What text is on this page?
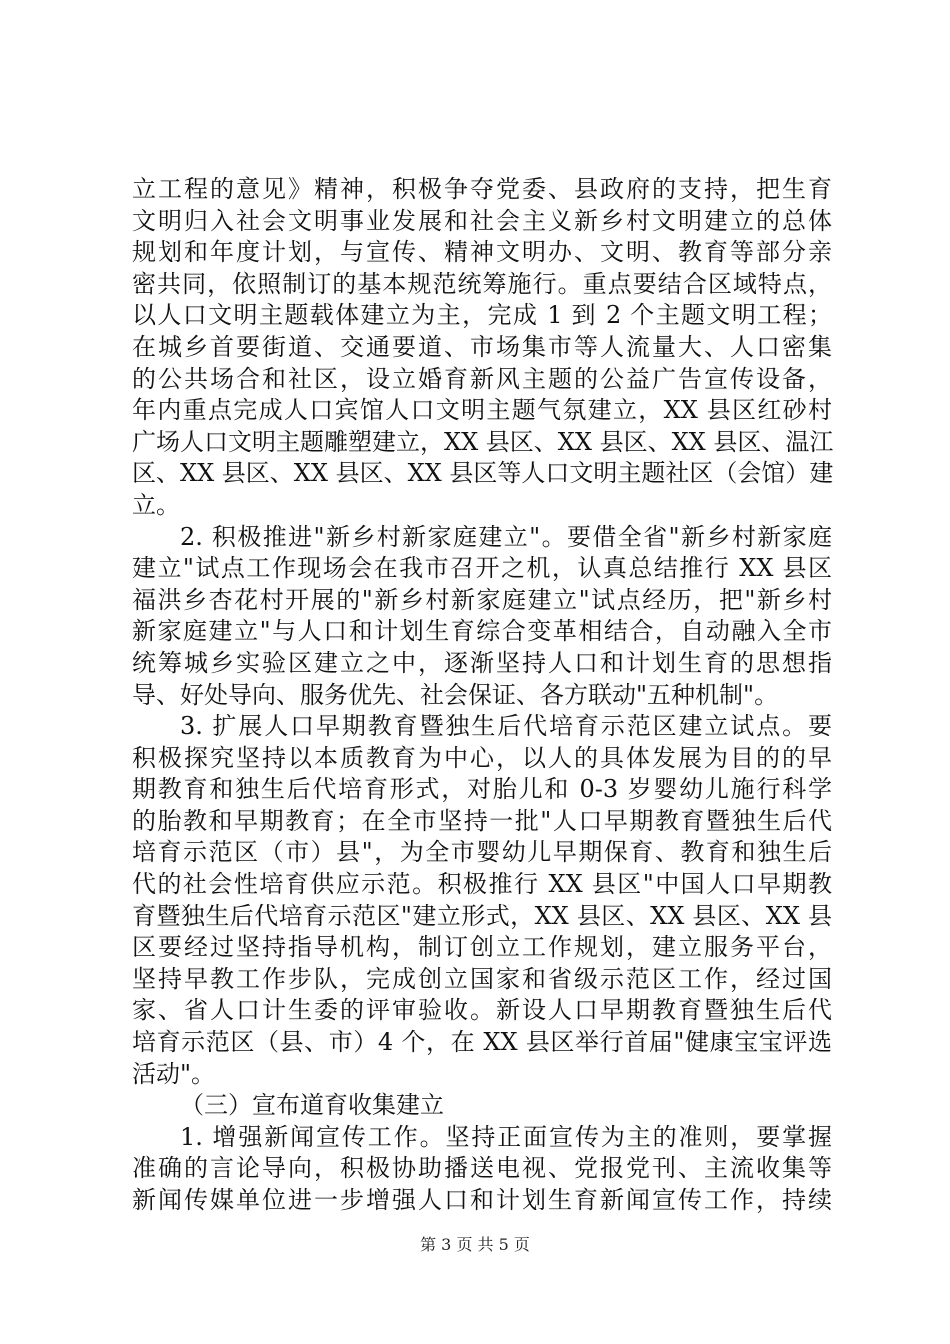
立工程的意见》精神，积极争夺党委、县政府的支持，把生育
文明归入社会文明事业发展和社会主义新乡村文明建立的总体
规划和年度计划，与宣传、精神文明办、文明、教育等部分亲
密共同，依照制订的基本规范统筹施行。重点要结合区域特点，
以人口文明主题载体建立为主，完成 1 到 2 个主题文明工程；
在城乡首要街道、交通要道、市场集市等人流量大、人口密集
的公共场合和社区，设立婚育新风主题的公益广告宣传设备，
年内重点完成人口宾馆人口文明主题气氛建立，XX 县区红砂村
广场人口文明主题雕塑建立，XX 县区、XX 县区、XX 县区、温江
区、XX 县区、XX 县区、XX 县区等人口文明主题社区（会馆）建
立。
2. 积极推进"新乡村新家庭建立"。要借全省"新乡村新家庭
建立"试点工作现场会在我市召开之机，认真总结推行 XX 县区
福洪乡杏花村开展的"新乡村新家庭建立"试点经历，把"新乡村
新家庭建立"与人口和计划生育综合变革相结合，自动融入全市
统筹城乡实验区建立之中，逐渐坚持人口和计划生育的思想指
导、好处导向、服务优先、社会保证、各方联动"五种机制"。
3. 扩展人口早期教育暨独生后代培育示范区建立试点。要
积极探究坚持以本质教育为中心，以人的具体发展为目的的早
期教育和独生后代培育形式，对胎儿和 0-3 岁婴幼儿施行科学
的胎教和早期教育；在全市坚持一批"人口早期教育暨独生后代
培育示范区（市）县"，为全市婴幼儿早期保育、教育和独生后
代的社会性培育供应示范。积极推行 XX 县区"中国人口早期教
育暨独生后代培育示范区"建立形式，XX 县区、XX 县区、XX 县
区要经过坚持指导机构，制订创立工作规划，建立服务平台，
坚持早教工作步队，完成创立国家和省级示范区工作，经过国
家、省人口计生委的评审验收。新设人口早期教育暨独生后代
培育示范区（县、市）4 个，在 XX 县区举行首届"健康宝宝评选
活动"。
（三）宣布道育收集建立
1. 增强新闻宣传工作。坚持正面宣传为主的准则，要掌握
准确的言论导向，积极协助播送电视、党报党刊、主流收集等
新闻传媒单位进一步增强人口和计划生育新闻宣传工作，持续
第 3 页 共 5 页
